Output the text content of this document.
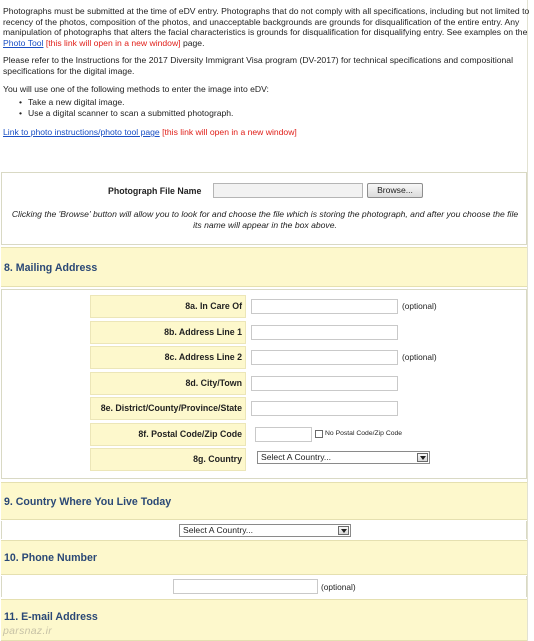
Photographs must be submitted at the time of eDV entry. Photographs that do not comply with all specifications, including but not limited to recency of the photos, composition of the photos, and unacceptable backgrounds are grounds for disqualification of the entire entry. Any manipulation of photographs that alters the facial characteristics is grounds for disqualification for disqualifying entry. See examples on the Photo Tool [this link will open in a new window] page.

Please refer to the Instructions for the 2017 Diversity Immigrant Visa program (DV-2017) for technical specifications and compositional specifications for the digital image.

You will use one of the following methods to enter the image into eDV:

• Take a new digital image.
• Use a digital scanner to scan a submitted photograph.

Link to photo instructions/photo tool page [this link will open in a new window]

Photograph File Name	Browse...
Clicking the 'Browse' button will allow you to look for and choose the file which is storing the photograph, and after you choose the file its name will appear in the box above.
8. Mailing Address
8a. In Care Of	(optional)
8b. Address Line 1
8c. Address Line 2	(optional)
8d. City/Town
8e. District/County/Province/State
8f. Postal Code/Zip Code	No Postal Code/Zip Code
8g. Country	Select A Country...
9. Country Where You Live Today
Select A Country...
10. Phone Number
(optional)
11. E-mail Address
parsnaz.ir
